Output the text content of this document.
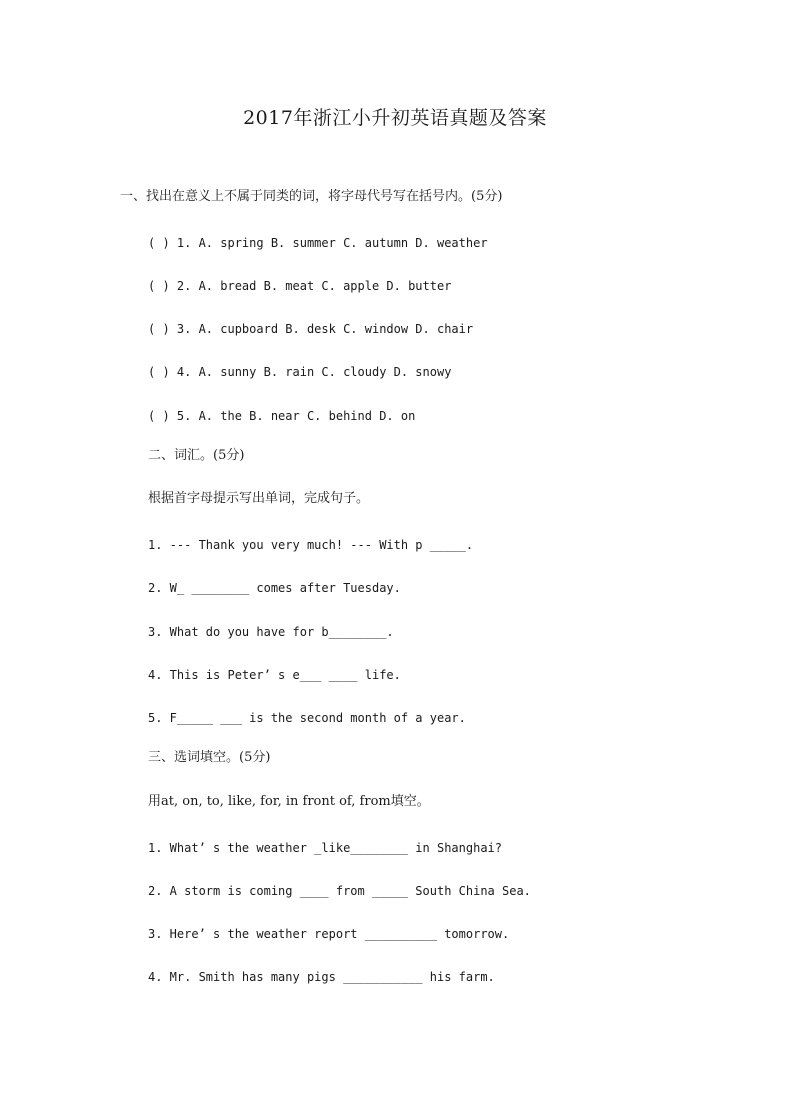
2017年浙江小升初英语真题及答案
一、找出在意义上不属于同类的词，将字母代号写在括号内。(5分)
( ) 1. A. spring B. summer C. autumn D. weather
( ) 2. A. bread B. meat C. apple D. butter
( ) 3. A. cupboard B. desk C. window D. chair
( ) 4. A. sunny B. rain C. cloudy D. snowy
( ) 5. A. the B. near C. behind D. on
二、词汇。(5分)
根据首字母提示写出单词，完成句子。
1. --- Thank you very much! --- With p _____.
2. W_ ________ comes after Tuesday.
3. What do you have for b________.
4. This is Peter’ s e___ ____ life.
5. F_____ ___ is the second month of a year.
三、选词填空。(5分)
用at, on, to, like, for, in front of, from填空。
1. What’ s the weather _like________ in Shanghai?
2. A storm is coming ____ from _____ South China Sea.
3. Here’ s the weather report __________ tomorrow.
4. Mr. Smith has many pigs ___________ his farm.
